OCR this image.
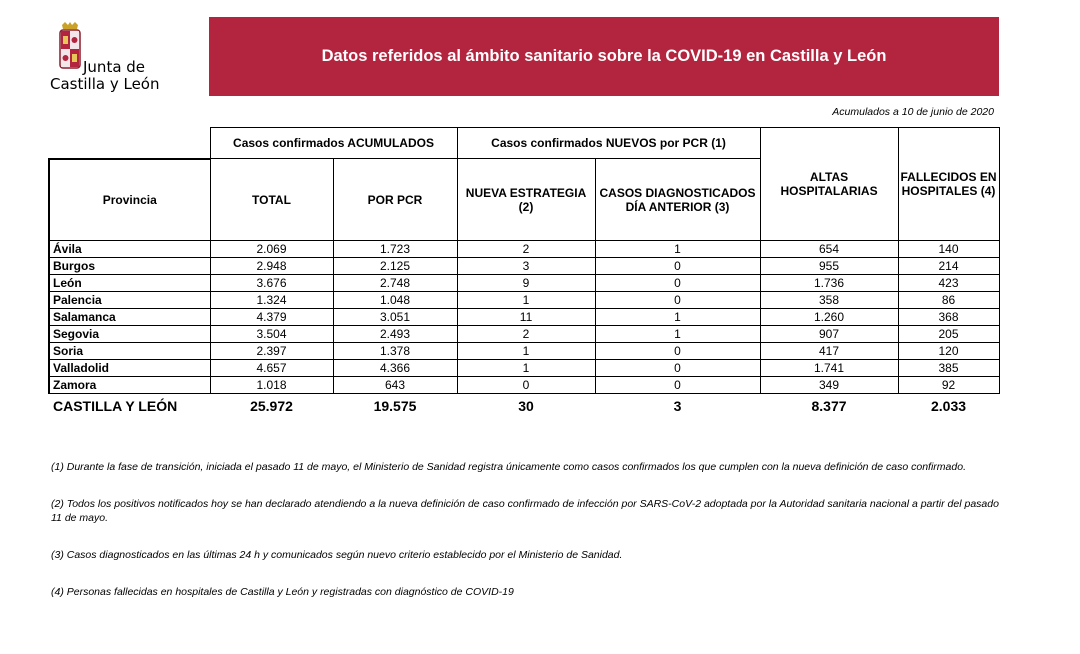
Junta de
Castilla y León
Datos referidos al ámbito sanitario sobre la COVID-19 en Castilla y León
Acumulados a 10 de junio de 2020
	Casos confirmados ACUMULADOS		Casos confirmados NUEVOS por PCR (1)		ALTAS HOSPITALARIAS	FALLECIDOS EN HOSPITALES (4)
Provincia	TOTAL	POR PCR	NUEVA ESTRATEGIA (2)	CASOS DIAGNOSTICADOS DÍA ANTERIOR (3)		
Ávila	2.069	1.723	2	1	654	140
Burgos	2.948	2.125	3	0	955	214
León	3.676	2.748	9	0	1.736	423
Palencia	1.324	1.048	1	0	358	86
Salamanca	4.379	3.051	11	1	1.260	368
Segovia	3.504	2.493	2	1	907	205
Soria	2.397	1.378	1	0	417	120
Valladolid	4.657	4.366	1	0	1.741	385
Zamora	1.018	643	0	0	349	92
CASTILLA Y LEÓN	25.972	19.575	30	3	8.377	2.033

(1) Durante la fase de transición, iniciada el pasado 11 de mayo, el Ministerio de Sanidad registra únicamente como casos confirmados los que cumplen con la nueva definición de caso confirmado.

(2) Todos los positivos notificados hoy se han declarado atendiendo a la nueva definición de caso confirmado de infección por SARS-CoV-2 adoptada por la Autoridad sanitaria nacional a partir del pasado 11 de mayo.

(3) Casos diagnosticados en las últimas 24 h y comunicados según nuevo criterio establecido por el Ministerio de Sanidad.

(4) Personas fallecidas en hospitales de Castilla y León y registradas con diagnóstico de COVID-19
